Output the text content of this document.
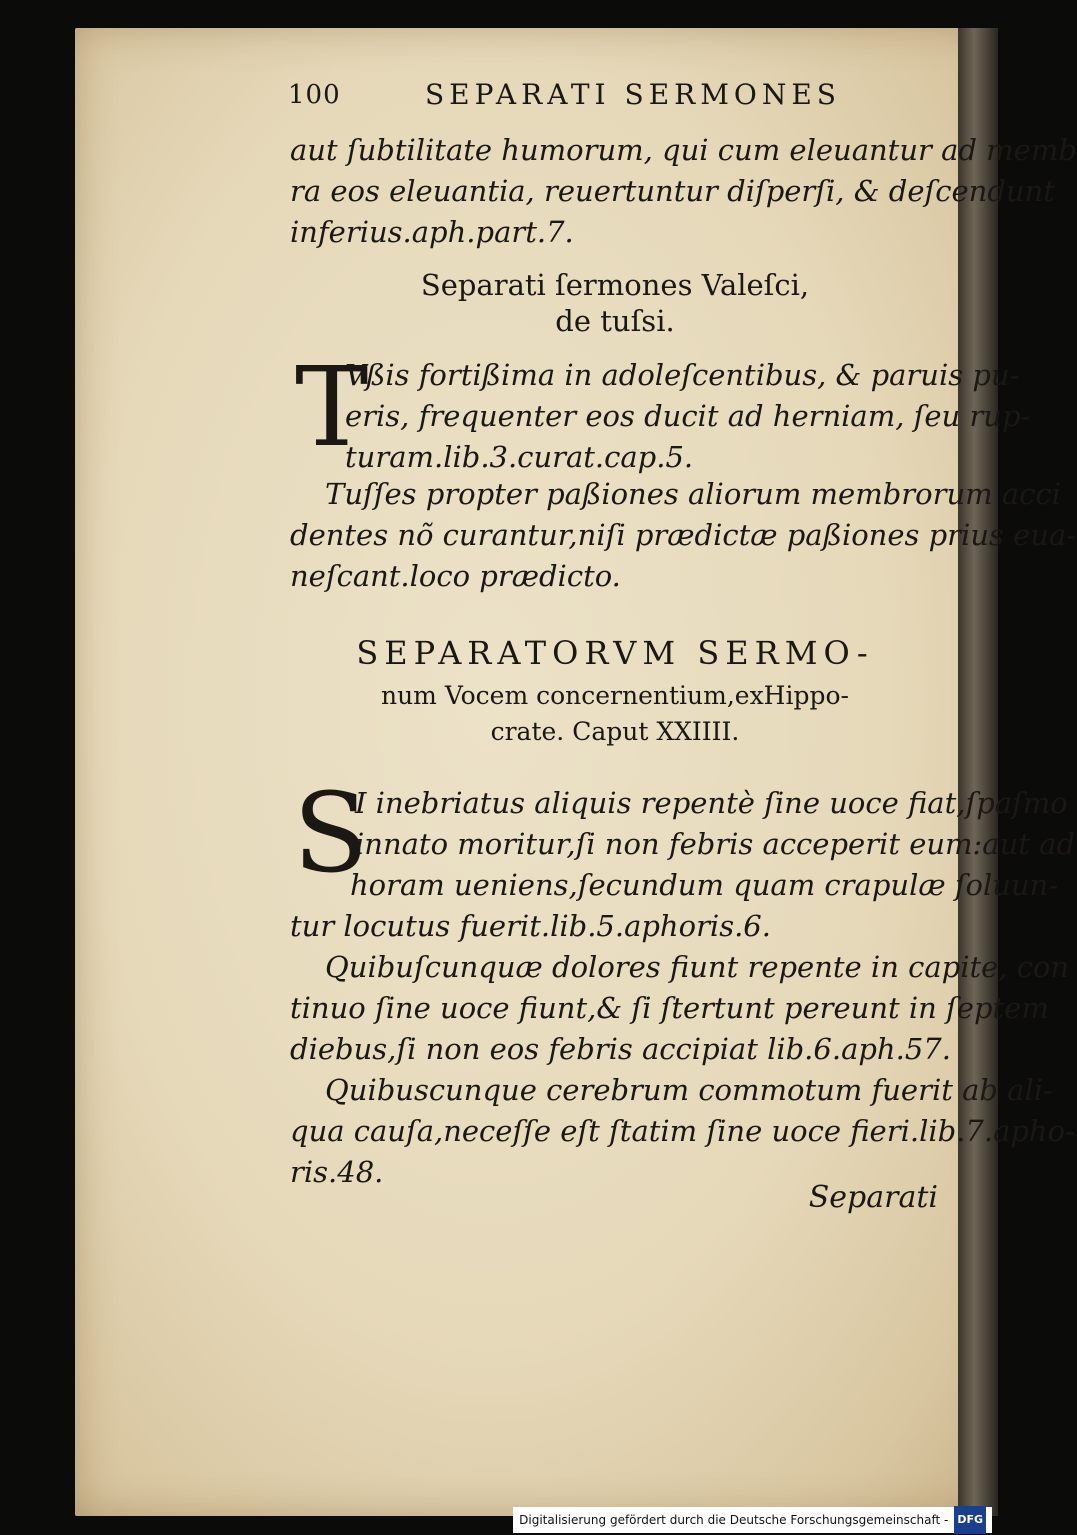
100	SEPARATI SERMONES
aut ſubtilitate humorum, qui cum eleuantur ad memb
ra eos eleuantia, reuertuntur diſperſi, & deſcendunt
inferius.aph.part.7.
Separati ſermones Valeſci,
de tuſsi.
T
Vßis fortißima in adoleſcentibus, & paruis pu-
eris, frequenter eos ducit ad herniam, ſeu rup-
turam.lib.3.curat.cap.5.
Tuſſes propter paßiones aliorum membrorum acci
dentes nõ curantur,niſi prædictæ paßiones prius eua-
neſcant.loco prædicto.
SEPARATORVM SERMO-
num Vocem concernentium,exHippo-
crate. Caput XXIIII.
S
I inebriatus aliquis repentè ſine uoce fiat,ſpaſmo
innato moritur,ſi non febris acceperit eum:aut ad
horam ueniens,ſecundum quam crapulæ ſoluun-
tur locutus fuerit.lib.5.aphoris.6.
Quibuſcunquæ dolores fiunt repente in capite, con
tinuo ſine uoce fiunt,& ſi ſtertunt pereunt in ſeptem
diebus,ſi non eos febris accipiat lib.6.aph.57.
Quibuscunque cerebrum commotum fuerit ab ali-
qua cauſa,neceſſe eſt ſtatim ſine uoce fieri.lib.7.apho-
ris.48.
Separati
Digitalisierung gefördert durch die Deutsche Forschungsgemeinschaft - DFG
